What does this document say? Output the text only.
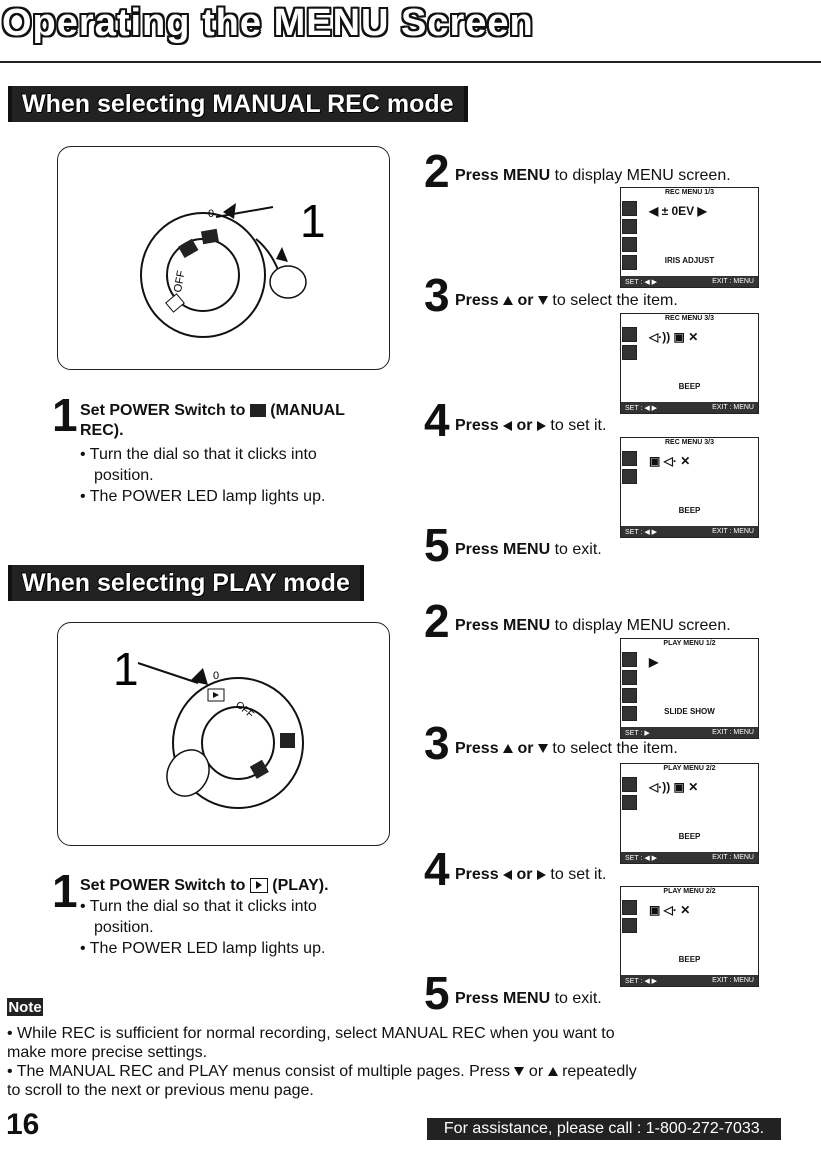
Operating the MENU Screen
When selecting MANUAL REC mode
OFF
0 1
1 Set POWER Switch to (MANUAL
REC).
• Turn the dial so that it clicks into
position.
• The POWER LED lamp lights up.
2 Press MENU to display MENU screen.
3 Press or to select the item.
4 Press or to set it.
5 Press MENU to exit.
REC MENU 1/3
◀ ± 0EV ▶
IRIS ADJUST
SET : ◀ ▶	EXIT : MENU
REC MENU 3/3
◁·)) ▣ ✕
BEEP
SET : ◀ ▶	EXIT : MENU
REC MENU 3/3
▣ ◁· ✕
BEEP
SET : ◀ ▶	EXIT : MENU
When selecting PLAY mode
1	0
OFF
1 Set POWER Switch to (PLAY).
• Turn the dial so that it clicks into
position.
• The POWER LED lamp lights up.
2 Press MENU to display MENU screen.
3 Press or to select the item.
4 Press or to set it.
5 Press MENU to exit.
PLAY MENU 1/2
▶
SLIDE SHOW
SET : ▶	EXIT : MENU
PLAY MENU 2/2
◁·)) ▣ ✕
BEEP
SET : ◀ ▶	EXIT : MENU
PLAY MENU 2/2
▣ ◁· ✕
BEEP
SET : ◀ ▶	EXIT : MENU
Note
• While REC is sufficient for normal recording, select MANUAL REC when you want to
make more precise settings.
• The MANUAL REC and PLAY menus consist of multiple pages. Press or repeatedly
to scroll to the next or previous menu page.
16	For assistance, please call : 1-800-272-7033.
